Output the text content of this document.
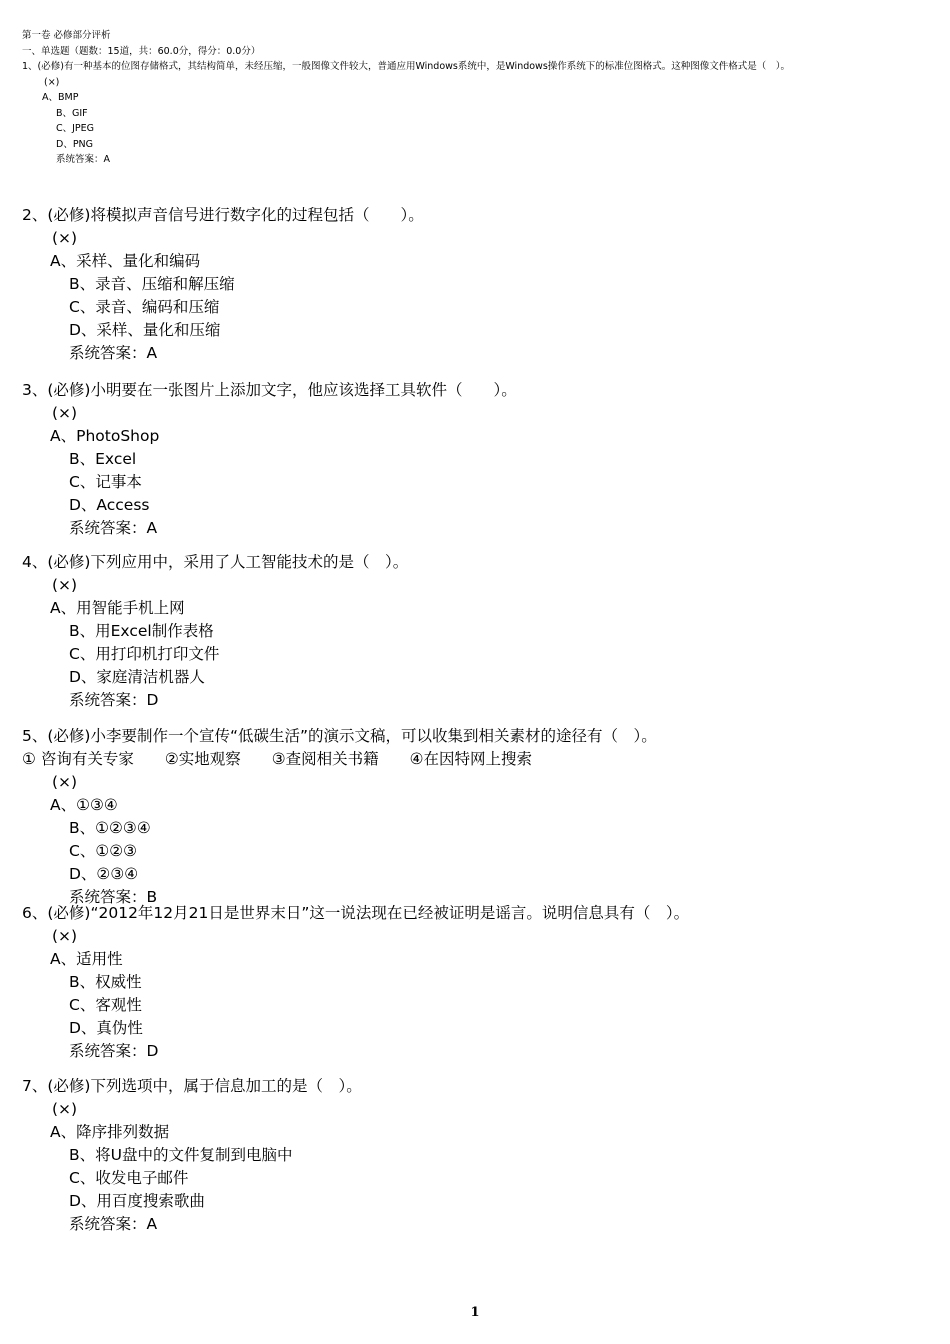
第一卷 必修部分评析
一、单选题（题数：15道，共：60.0分，得分：0.0分）
1、(必修)有一种基本的位图存储格式，其结构简单，未经压缩，一般图像文件较大，普通应用Windows系统中，是Windows操作系统下的标准位图格式。这种图像文件格式是（　）。
(×)
A、BMP
B、GIF
C、JPEG
D、PNG
系统答案：A
2、(必修)将模拟声音信号进行数字化的过程包括（　　）。
(×)
A、采样、量化和编码
B、录音、压缩和解压缩
C、录音、编码和压缩
D、采样、量化和压缩
系统答案：A
3、(必修)小明要在一张图片上添加文字，他应该选择工具软件（　　）。
(×)
A、PhotoShop
B、Excel
C、记事本
D、Access
系统答案：A
4、(必修)下列应用中，采用了人工智能技术的是（　）。
(×)
A、用智能手机上网
B、用Excel制作表格
C、用打印机打印文件
D、家庭清洁机器人
系统答案：D
5、(必修)小李要制作一个宣传“低碳生活”的演示文稿，可以收集到相关素材的途径有（　）。
① 咨询有关专家　　②实地观察　　③查阅相关书籍　　④在因特网上搜索
(×)
A、①③④
B、①②③④
C、①②③
D、②③④
系统答案：B
6、(必修)“2012年12月21日是世界末日”这一说法现在已经被证明是谣言。说明信息具有（　）。
(×)
A、适用性
B、权威性
C、客观性
D、真伪性
系统答案：D
7、(必修)下列选项中，属于信息加工的是（　）。
(×)
A、降序排列数据
B、将U盘中的文件复制到电脑中
C、收发电子邮件
D、用百度搜索歌曲
系统答案：A
1
